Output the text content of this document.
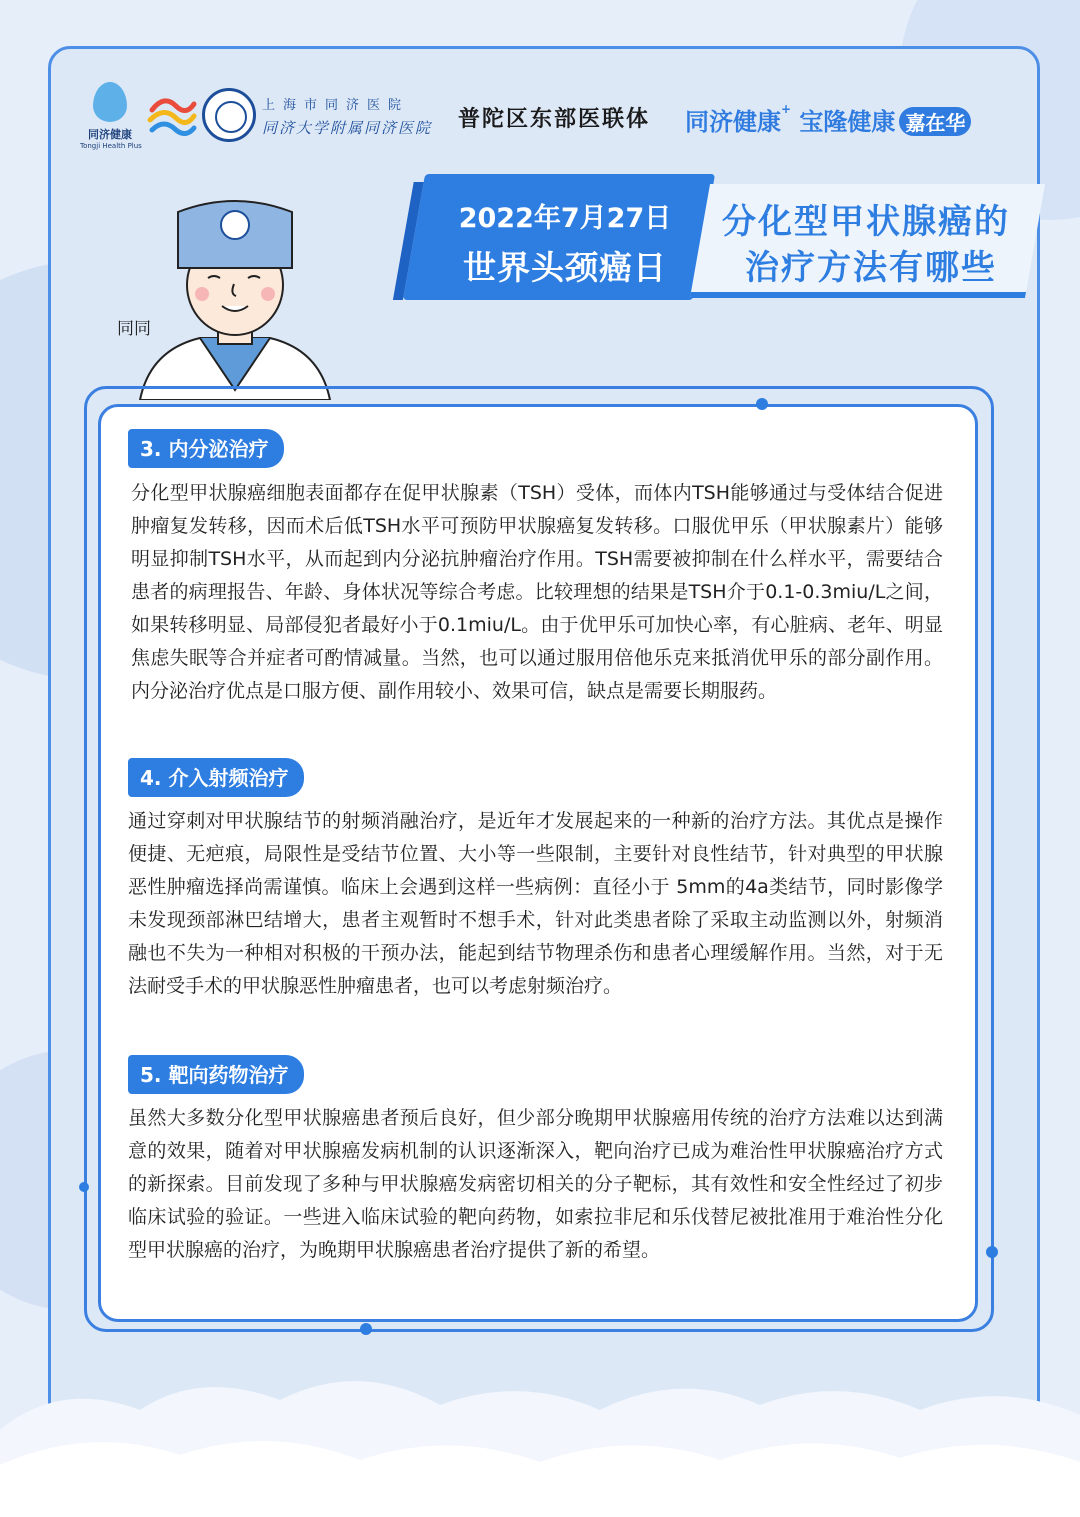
同济健康
Tongji Health Plus
上海市同济医院
同济大学附属同济医院 普陀区东部医联体 同济健康+ 宝隆健康 嘉在华
同同
2022年7月27日
世界头颈癌日
分化型甲状腺癌的
治疗方法有哪些
3. 内分泌治疗
分化型甲状腺癌细胞表面都存在促甲状腺素（TSH）受体，而体内TSH能够通过与受体结合促进肿瘤复发转移，因而术后低TSH水平可预防甲状腺癌复发转移。口服优甲乐（甲状腺素片）能够明显抑制TSH水平，从而起到内分泌抗肿瘤治疗作用。TSH需要被抑制在什么样水平，需要结合患者的病理报告、年龄、身体状况等综合考虑。比较理想的结果是TSH介于0.1-0.3miu/L之间，如果转移明显、局部侵犯者最好小于0.1miu/L。由于优甲乐可加快心率，有心脏病、老年、明显焦虑失眠等合并症者可酌情减量。当然，也可以通过服用倍他乐克来抵消优甲乐的部分副作用。内分泌治疗优点是口服方便、副作用较小、效果可信，缺点是需要长期服药。
4. 介入射频治疗
通过穿刺对甲状腺结节的射频消融治疗，是近年才发展起来的一种新的治疗方法。其优点是操作便捷、无疤痕，局限性是受结节位置、大小等一些限制，主要针对良性结节，针对典型的甲状腺恶性肿瘤选择尚需谨慎。临床上会遇到这样一些病例：直径小于 5mm的4a类结节，同时影像学未发现颈部淋巴结增大，患者主观暂时不想手术，针对此类患者除了采取主动监测以外，射频消融也不失为一种相对积极的干预办法，能起到结节物理杀伤和患者心理缓解作用。当然，对于无法耐受手术的甲状腺恶性肿瘤患者，也可以考虑射频治疗。
5. 靶向药物治疗
虽然大多数分化型甲状腺癌患者预后良好，但少部分晚期甲状腺癌用传统的治疗方法难以达到满意的效果，随着对甲状腺癌发病机制的认识逐渐深入，靶向治疗已成为难治性甲状腺癌治疗方式的新探索。目前发现了多种与甲状腺癌发病密切相关的分子靶标，其有效性和安全性经过了初步临床试验的验证。一些进入临床试验的靶向药物，如索拉非尼和乐伐替尼被批准用于难治性分化型甲状腺癌的治疗，为晚期甲状腺癌患者治疗提供了新的希望。
